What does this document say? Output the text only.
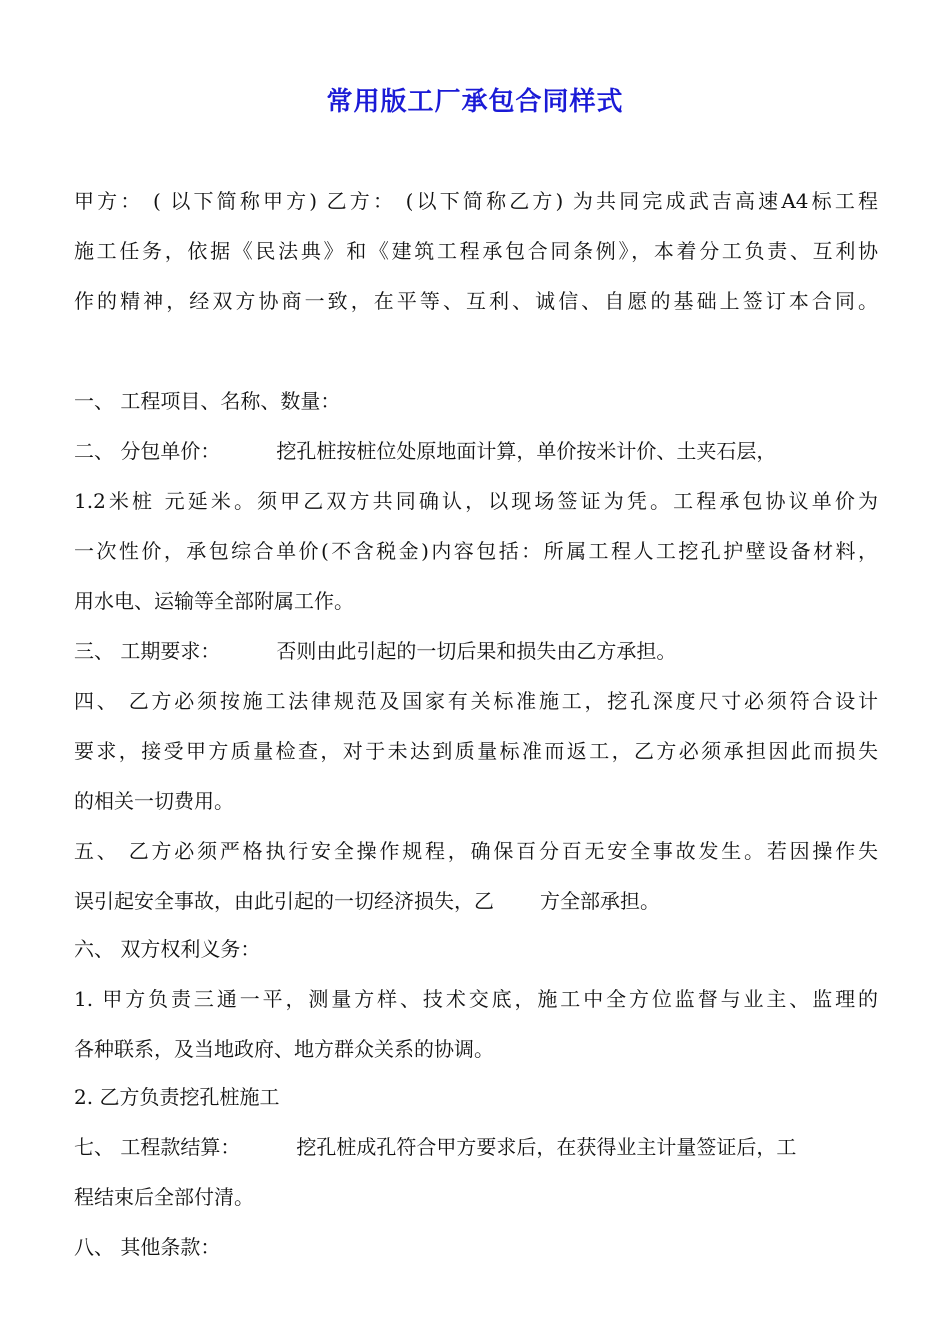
常用版工厂承包合同样式
甲方： ( 以下简称甲方) 乙方： (以下简称乙方) 为共同完成武吉高速A4标工程
施工任务，依据《民法典》和《建筑工程承包合同条例》，本着分工负责、互利协
作的精神，经双方协商一致，在平等、互利、诚信、自愿的基础上签订本合同。
一、 工程项目、名称、数量：
二、 分包单价：	挖孔桩按桩位处原地面计算，单价按米计价、土夹石层，
1.2米桩 元延米。须甲乙双方共同确认，以现场签证为凭。工程承包协议单价为
一次性价，承包综合单价(不含税金)内容包括：所属工程人工挖孔护壁设备材料，
用水电、运输等全部附属工作。
三、 工期要求：	否则由此引起的一切后果和损失由乙方承担。
四、 乙方必须按施工法律规范及国家有关标准施工，挖孔深度尺寸必须符合设计
要求，接受甲方质量检查，对于未达到质量标准而返工，乙方必须承担因此而损失
的相关一切费用。
五、 乙方必须严格执行安全操作规程，确保百分百无安全事故发生。若因操作失
误引起安全事故，由此引起的一切经济损失，乙 方全部承担。
六、 双方权利义务：
1. 甲方负责三通一平，测量方样、技术交底，施工中全方位监督与业主、监理的
各种联系，及当地政府、地方群众关系的协调。
2. 乙方负责挖孔桩施工
七、 工程款结算：	挖孔桩成孔符合甲方要求后，在获得业主计量签证后，工
程结束后全部付清。
八、 其他条款：
